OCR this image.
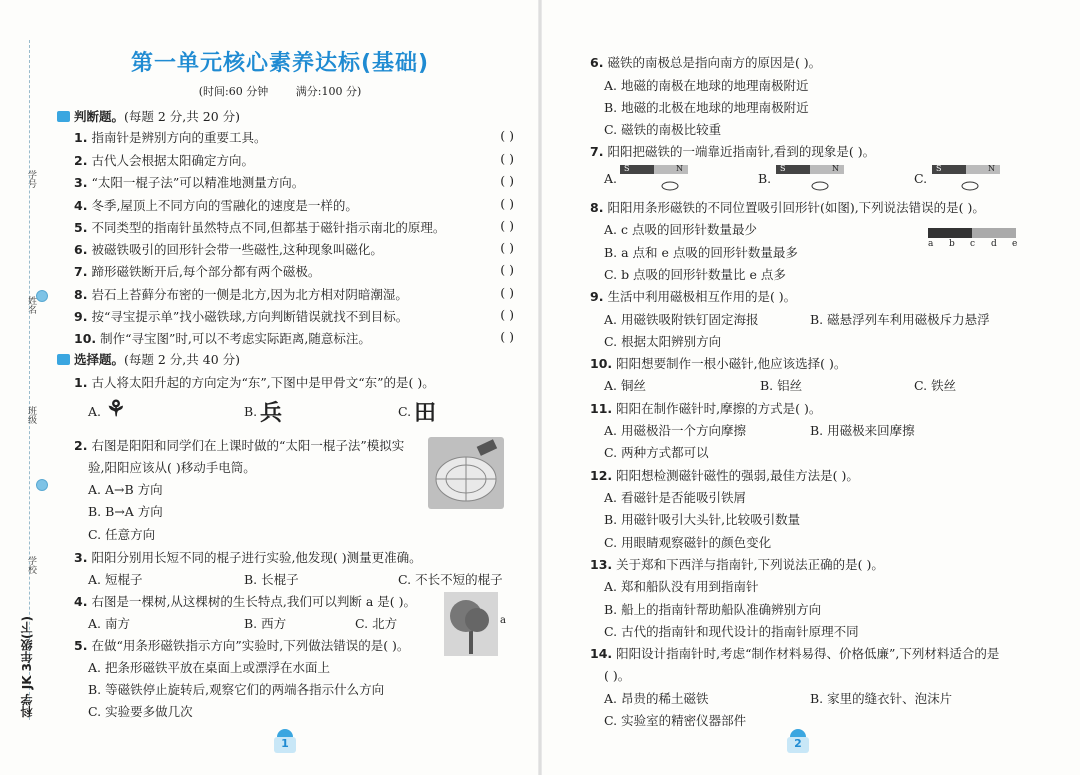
学号
姓名
班级
学校
科学 JK 3年级(下)
第一单元核心素养达标(基础)
(时间:60 分钟	满分:100 分)
判断题。(每题 2 分,共 20 分)
1. 指南针是辨别方向的重要工具。	( )
2. 古代人会根据太阳确定方向。	( )
3. “太阳一棍子法”可以精准地测量方向。	( )
4. 冬季,屋顶上不同方向的雪融化的速度是一样的。	( )
5. 不同类型的指南针虽然特点不同,但都基于磁针指示南北的原理。	( )
6. 被磁铁吸引的回形针会带一些磁性,这种现象叫磁化。	( )
7. 蹄形磁铁断开后,每个部分都有两个磁极。	( )
8. 岩石上苔藓分布密的一侧是北方,因为北方相对阴暗潮湿。	( )
9. 按“寻宝提示单”找小磁铁球,方向判断错误就找不到目标。	( )
10. 制作“寻宝图”时,可以不考虑实际距离,随意标注。	( )
选择题。(每题 2 分,共 40 分)
1. 古人将太阳升起的方向定为“东”,下图中是甲骨文“东”的是( )。
A. ⚘	B. 兵	C. 田
2. 右图是阳阳和同学们在上课时做的“太阳一棍子法”模拟实
验,阳阳应该从( )移动手电筒。
A. A→B 方向
B. B→A 方向
C. 任意方向
3. 阳阳分别用长短不同的棍子进行实验,他发现( )测量更准确。
A. 短棍子	B. 长棍子	C. 不长不短的棍子
4. 右图是一棵树,从这棵树的生长特点,我们可以判断 a 是( )。
A. 南方	B. 西方	C. 北方	a
5. 在做“用条形磁铁指示方向”实验时,下列做法错误的是( )。
A. 把条形磁铁平放在桌面上或漂浮在水面上
B. 等磁铁停止旋转后,观察它们的两端各指示什么方向
C. 实验要多做几次
1
6. 磁铁的南极总是指向南方的原因是( )。
A. 地磁的南极在地球的地理南极附近
B. 地磁的北极在地球的地理南极附近
C. 磁铁的南极比较重
7. 阳阳把磁铁的一端靠近指南针,看到的现象是( )。
A.	B.	C.
S	N	S	N	S	N
8. 阳阳用条形磁铁的不同位置吸引回形针(如图),下列说法错误的是( )。
A. c 点吸的回形针数量最少
B. a 点和 e 点吸的回形针数量最多
C. b 点吸的回形针数量比 e 点多
a b c d e
9. 生活中利用磁极相互作用的是( )。
A. 用磁铁吸附铁钉固定海报	B. 磁悬浮列车利用磁极斥力悬浮
C. 根据太阳辨别方向
10. 阳阳想要制作一根小磁针,他应该选择( )。
A. 铜丝	B. 铝丝	C. 铁丝
11. 阳阳在制作磁针时,摩擦的方式是( )。
A. 用磁极沿一个方向摩擦	B. 用磁极来回摩擦
C. 两种方式都可以
12. 阳阳想检测磁针磁性的强弱,最佳方法是( )。
A. 看磁针是否能吸引铁屑
B. 用磁针吸引大头针,比较吸引数量
C. 用眼睛观察磁针的颜色变化
13. 关于郑和下西洋与指南针,下列说法正确的是( )。
A. 郑和船队没有用到指南针
B. 船上的指南针帮助船队准确辨别方向
C. 古代的指南针和现代设计的指南针原理不同
14. 阳阳设计指南针时,考虑“制作材料易得、价格低廉”,下列材料适合的是
( )。
A. 昂贵的稀土磁铁	B. 家里的缝衣针、泡沫片
C. 实验室的精密仪器部件
2
